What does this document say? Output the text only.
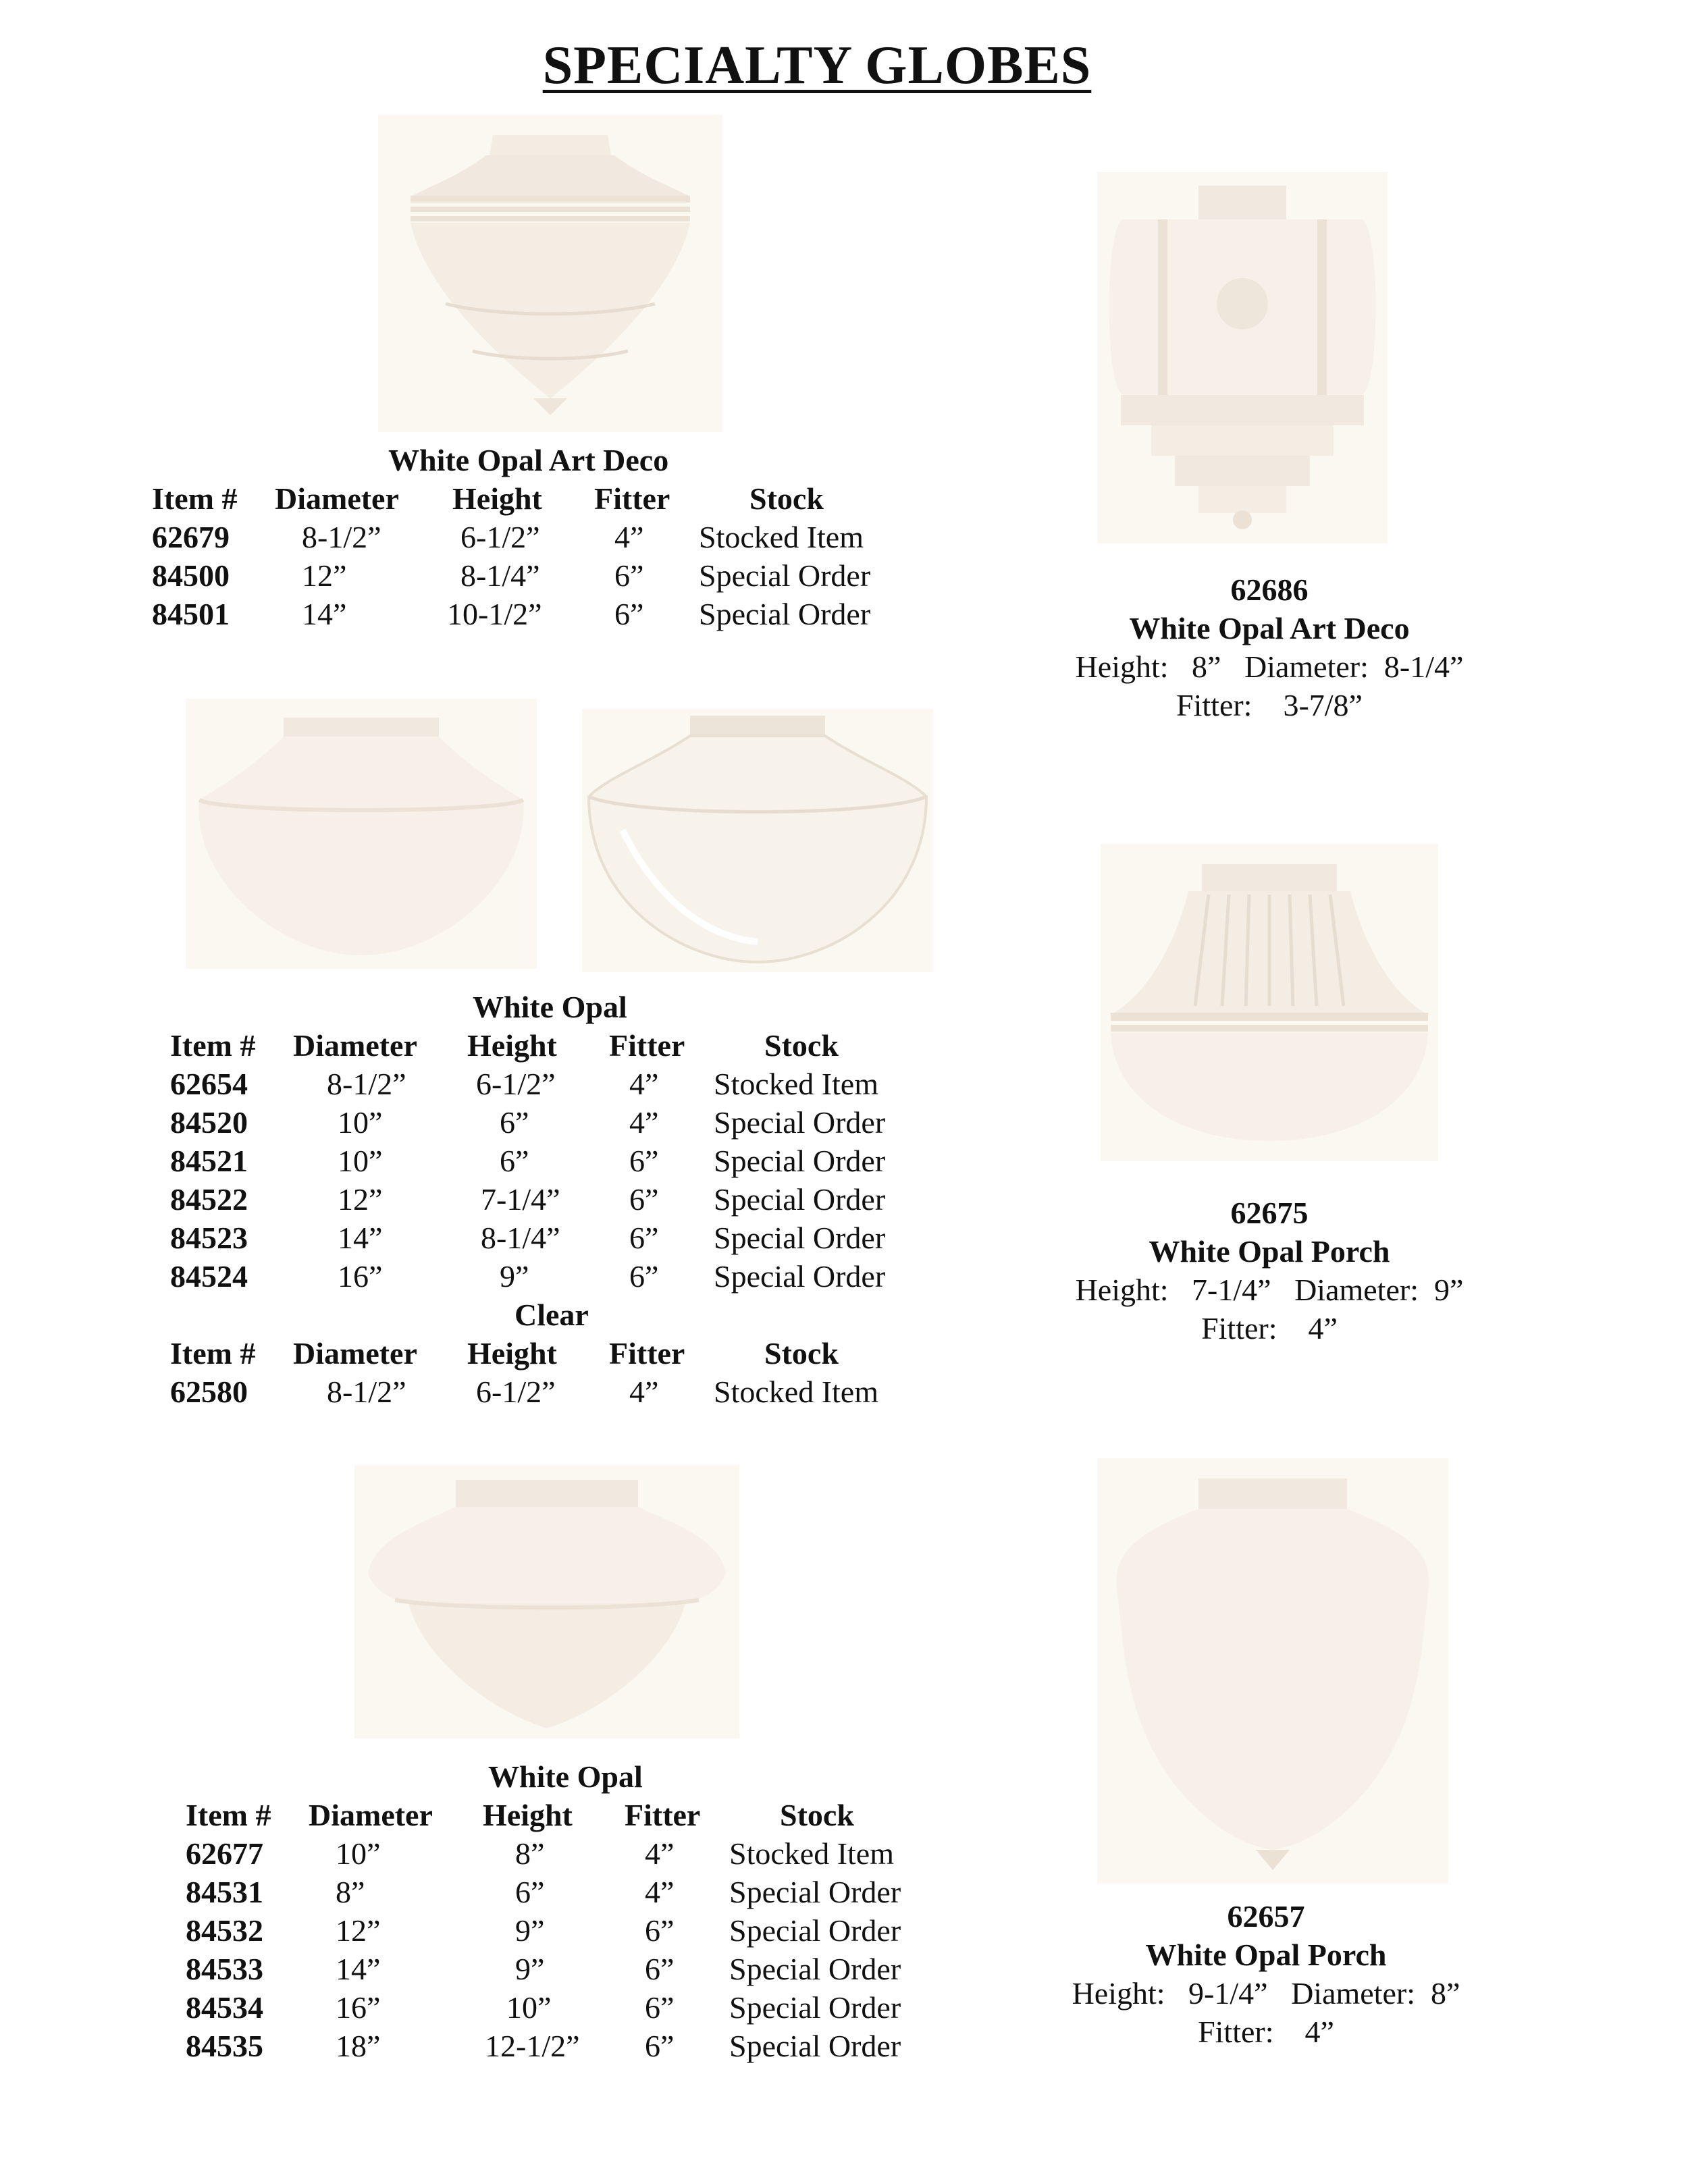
SPECIALTY GLOBES
White Opal Art Deco
Item # Diameter Height Fitter	Stock
62679 8-1/2”	6-1/2” 4” Stocked Item
84500 12”	8-1/4” 6” Special Order
84501 14”	10-1/2” 6” Special Order
White Opal
Item # Diameter Height Fitter	Stock
62654	8-1/2” 6-1/2” 4” Stocked Item
84520	10”	6”	4” Special Order
84521	10”	6”	6” Special Order
84522	12”	7-1/4” 6” Special Order
84523	14”	8-1/4” 6” Special Order
84524	16”	9”	6” Special Order
Clear
Item # Diameter Height Fitter	Stock
62580	8-1/2” 6-1/2” 4” Stocked Item
White Opal
Item # Diameter Height Fitter	Stock
62677 10”	8”	4” Stocked Item
84531 8”	6”	4” Special Order
84532 12”	9”	6” Special Order
84533 14”	9”	6” Special Order
84534 16”	10”	6” Special Order
84535 18”	12-1/2” 6” Special Order
62686
White Opal Art Deco
Height:   8”   Diameter:  8-1/4”
Fitter:    3-7/8”
62675
White Opal Porch
Height:   7-1/4”   Diameter:  9”
Fitter:    4”
62657
White Opal Porch
Height:   9-1/4”   Diameter:  8”
Fitter:    4”
